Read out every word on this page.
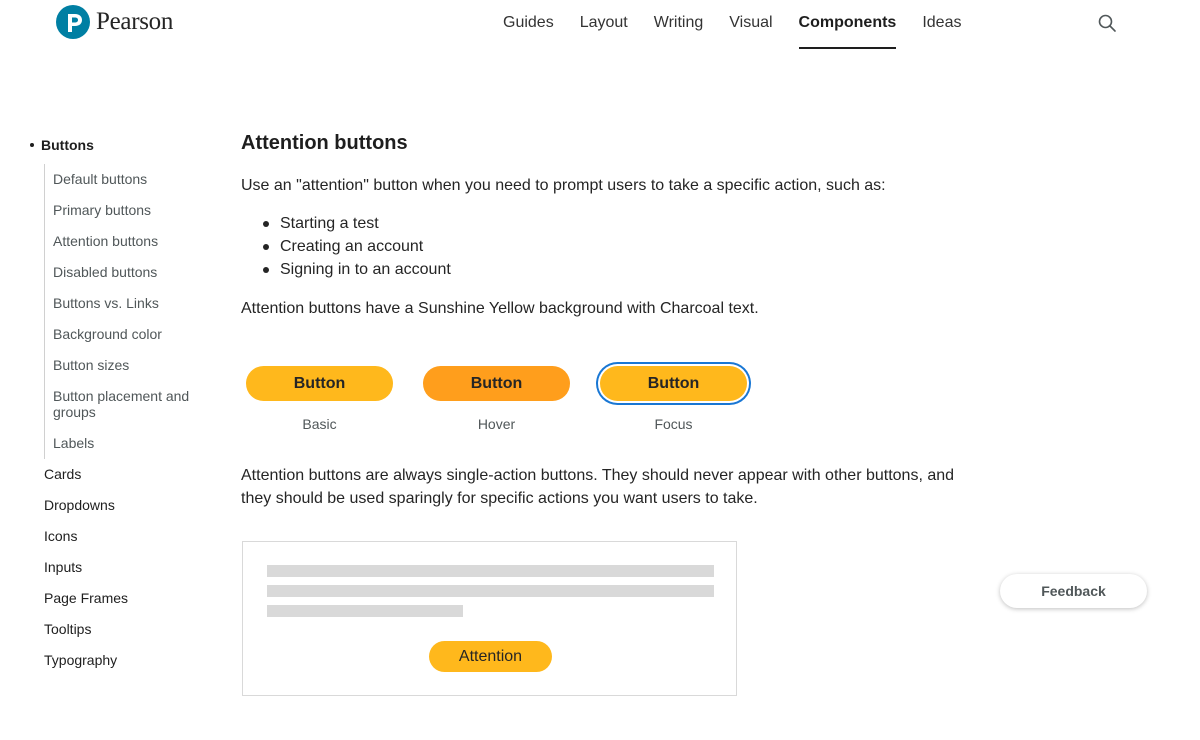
Pearson	Guides	Layout	Writing	Visual	Components	Ideas
Buttons
Default buttons
Primary buttons
Attention buttons
Disabled buttons
Buttons vs. Links
Background color
Button sizes
Button placement and groups
Labels
Cards
Dropdowns
Icons
Inputs
Page Frames
Tooltips
Typography
Attention buttons

Use an "attention" button when you need to prompt users to take a specific action, such as:

Starting a test
Creating an account
Signing in to an account

Attention buttons have a Sunshine Yellow background with Charcoal text.

Button
Basic
Button
Hover
Button
Focus

Attention buttons are always single-action buttons. They should never appear with other buttons, and they should be used sparingly for specific actions you want users to take.

Attention
Feedback
